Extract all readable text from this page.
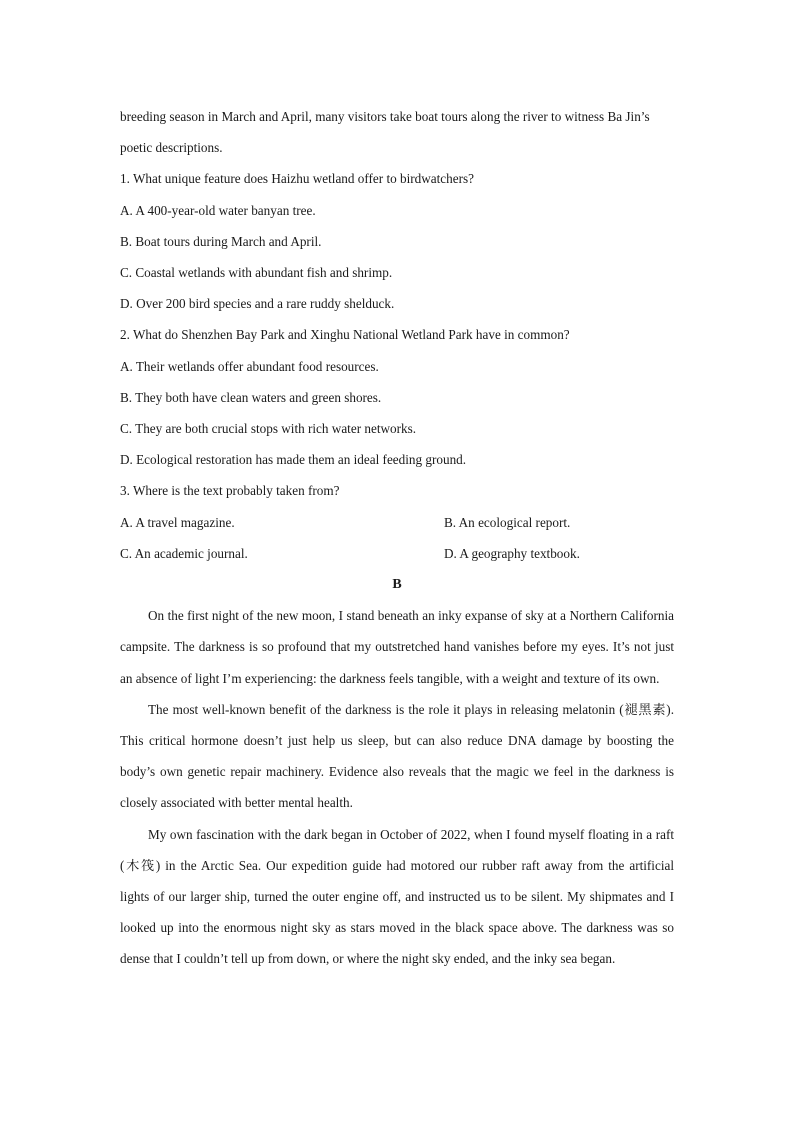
breeding season in March and April, many visitors take boat tours along the river to witness Ba Jin’s
poetic descriptions.
1. What unique feature does Haizhu wetland offer to birdwatchers?
A. A 400-year-old water banyan tree.
B. Boat tours during March and April.
C. Coastal wetlands with abundant fish and shrimp.
D. Over 200 bird species and a rare ruddy shelduck.
2. What do Shenzhen Bay Park and Xinghu National Wetland Park have in common?
A. Their wetlands offer abundant food resources.
B. They both have clean waters and green shores.
C. They are both crucial stops with rich water networks.
D. Ecological restoration has made them an ideal feeding ground.
3. Where is the text probably taken from?
A. A travel magazine.	B. An ecological report.
C. An academic journal.	D. A geography textbook.
B
On the first night of the new moon, I stand beneath an inky expanse of sky at a Northern California campsite. The darkness is so profound that my outstretched hand vanishes before my eyes. It’s not just an absence of light I’m experiencing: the darkness feels tangible, with a weight and texture of its own.
The most well-known benefit of the darkness is the role it plays in releasing melatonin (褪黑素). This critical hormone doesn’t just help us sleep, but can also reduce DNA damage by boosting the body’s own genetic repair machinery. Evidence also reveals that the magic we feel in the darkness is closely associated with better mental health.
My own fascination with the dark began in October of 2022, when I found myself floating in a raft (木筏) in the Arctic Sea. Our expedition guide had motored our rubber raft away from the artificial lights of our larger ship, turned the outer engine off, and instructed us to be silent. My shipmates and I looked up into the enormous night sky as stars moved in the black space above. The darkness was so dense that I couldn’t tell up from down, or where the night sky ended, and the inky sea began.
